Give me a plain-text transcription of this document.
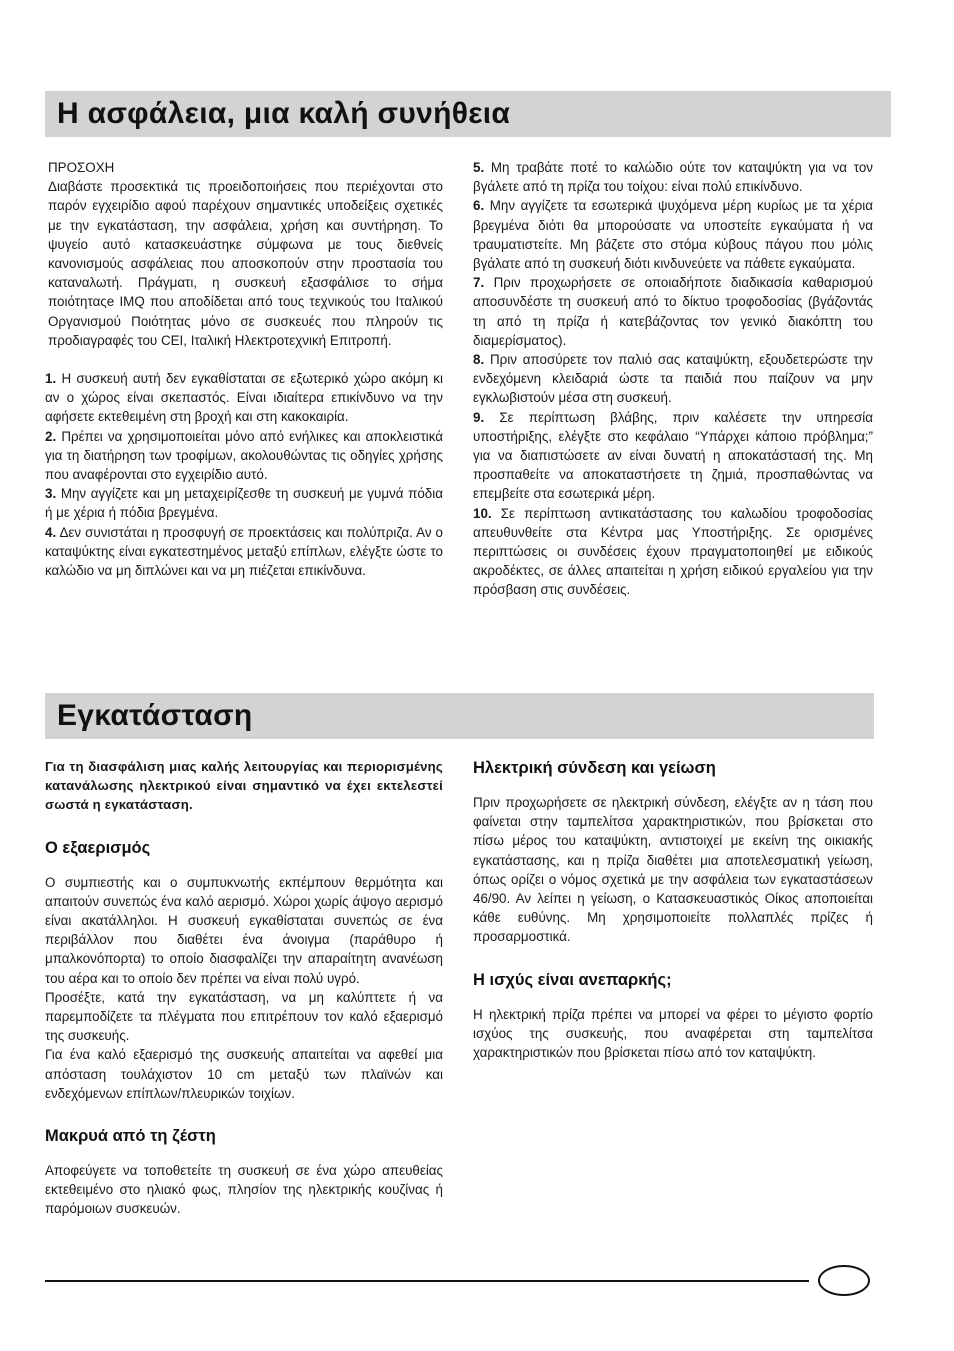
Η ασφάλεια, μια καλή συνήθεια

ΠΡΟΣΟΧΗ

Διαβάστε προσεκτικά τις προειδοποιήσεις που περιέχονται στο παρόν εγχειρίδιο αφού παρέχουν σημαντικές υποδείξεις σχετικές με την εγκατάσταση, την ασφάλεια, χρήση και συντήρηση. Το ψυγείο αυτό κατασκευάστηκε σύμφωνα με τους διεθνείς κανονισμούς ασφάλειας που αποσκοπούν στην προστασία του καταναλωτή. Πράγματι, η συσκευή εξασφάλισε το σήμα ποιότηταςe IMQ που αποδίδεται από τους τεχνικούς του Ιταλικού Οργανισμού Ποιότητας μόνο σε συσκευές που πληρούν τις προδιαγραφές του CEI, Ιταλική Ηλεκτροτεχνική Επιτροπή.

1. Η συσκευή αυτή δεν εγκαθίσταται σε εξωτερικό χώρο ακόμη κι αν ο χώρος είναι σκεπαστός. Είναι ιδιαίτερα επικίνδυνο να την αφήσετε εκτεθειμένη στη βροχή και στη κακοκαιρία.

2. Πρέπει να χρησιμοποιείται μόνο από ενήλικες και αποκλειστικά για τη διατήρηση των τροφίμων, ακολουθώντας τις οδηγίες χρήσης που αναφέρονται στο εγχειρίδιο αυτό.

3. Μην αγγίζετε και μη μεταχειρίζεσθε τη συσκευή με γυμνά πόδια ή με χέρια ή πόδια βρεγμένα.

4. Δεν συνιστάται η προσφυγή σε προεκτάσεις και πολύπριζα. Αν ο καταψύκτης είναι εγκατεστημένος μεταξύ επίπλων, ελέγξτε ώστε το καλώδιο να μη διπλώνει και να μη πιέζεται επικίνδυνα.

5. Μη τραβάτε ποτέ το καλώδιο ούτε τον καταψύκτη για να τον βγάλετε από τη πρίζα του τοίχου: είναι πολύ επικίνδυνο.

6. Μην αγγίζετε τα εσωτερικά ψυχόμενα μέρη κυρίως με τα χέρια βρεγμένα διότι θα μπορούσατε να υποστείτε εγκαύματα ή να τραυματιστείτε. Μη βάζετε στο στόμα κύβους πάγου που μόλις βγάλατε από τη συσκευή διότι κινδυνεύετε να πάθετε εγκαύματα.

7. Πριν προχωρήσετε σε οποιαδήποτε διαδικασία καθαρισμού αποσυνδέστε τη συσκευή από το δίκτυο τροφοδοσίας (βγάζοντάς τη από τη πρίζα ή κατεβάζοντας τον γενικό διακόπτη του διαμερίσματος).

8. Πριν αποσύρετε τον παλιό σας καταψύκτη, εξουδετερώστε την ενδεχόμενη κλειδαριά ώστε τα παιδιά που παίζουν να μην εγκλωβιστούν μέσα στη συσκευή.

9. Σε περίπτωση βλάβης, πριν καλέσετε την υπηρεσία υποστήριξης, ελέγξτε στο κεφάλαιο “Υπάρχει κάποιο πρόβλημα;” για να διαπιστώσετε αν είναι δυνατή η αποκατάστασή της. Μη προσπαθείτε να αποκαταστήσετε τη ζημιά, προσπαθώντας να επεμβείτε στα εσωτερικά μέρη.

10. Σε περίπτωση αντικατάστασης του καλωδίου τροφοδοσίας απευθυνθείτε στα Κέντρα μας Υποστήριξης. Σε ορισμένες περιπτώσεις οι συνδέσεις έχουν πραγματοποιηθεί με ειδικούς ακροδέκτες, σε άλλες απαιτείται η χρήση ειδικού εργαλείου για την πρόσβαση στις συνδέσεις.

Εγκατάσταση

Για τη διασφάλιση μιας καλής λειτουργίας και περιορισμένης κατανάλωσης ηλεκτρικού είναι σημαντικό να έχει εκτελεστεί σωστά η εγκατάσταση.

Ο εξαερισμός

Ο συμπιεστής και ο συμπυκνωτής εκπέμπουν θερμότητα και απαιτούν συνεπώς ένα καλό αερισμό. Χώροι χωρίς άψογο αερισμό είναι ακατάλληλοι. Η συσκευή εγκαθίσταται συνεπώς σε ένα περιβάλλον που διαθέτει ένα άνοιγμα (παράθυρο ή μπαλκονόπορτα) το οποίο διασφαλίζει την απαραίτητη ανανέωση του αέρα και το οποίο δεν πρέπει να είναι πολύ υγρό.

Προσέξτε, κατά την εγκατάσταση, να μη καλύπτετε ή να παρεμποδίζετε τα πλέγματα που επιτρέπουν τον καλό εξαερισμό της συσκευής.

Για ένα καλό εξαερισμό της συσκευής απαιτείται να αφεθεί μια απόσταση τουλάχιστον 10 cm μεταξύ των πλαϊνών και ενδεχόμενων επίπλων/πλευρικών τοιχίων.

Μακρυά από τη ζέστη

Αποφεύγετε να τοποθετείτε τη συσκευή σε ένα χώρο απευθείας εκτεθειμένο στο ηλιακό φως, πλησίον της ηλεκτρικής κουζίνας ή παρόμοιων συσκευών.

Ηλεκτρική σύνδεση και γείωση

Πριν προχωρήσετε σε ηλεκτρική σύνδεση, ελέγξτε αν η τάση που φαίνεται στην ταμπελίτσα χαρακτηριστικών, που βρίσκεται στο πίσω μέρος του καταψύκτη, αντιστοιχεί με εκείνη της οικιακής εγκατάστασης, και η πρίζα διαθέτει μια αποτελεσματική γείωση, όπως ορίζει ο νόμος σχετικά με την ασφάλεια των εγκαταστάσεων 46/90. Αν λείπει η γείωση, ο Κατασκευαστικός Οίκος αποποιείται κάθε ευθύνης. Μη χρησιμοποιείτε πολλαπλές πρίζες ή προσαρμοστικά.

Η ισχύς είναι ανεπαρκής;

Η ηλεκτρική πρίζα πρέπει να μπορεί να φέρει το μέγιστο φορτίο ισχύος της συσκευής, που αναφέρεται στη ταμπελίτσα χαρακτηριστικών που βρίσκεται πίσω από τον καταψύκτη.
